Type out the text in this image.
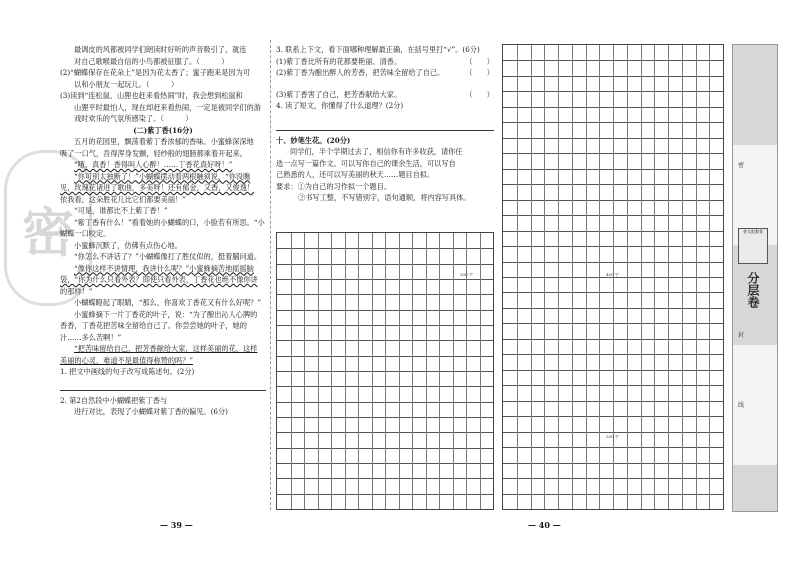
密

最调皮的风都被同学们朗读时好听的声音吸引了，就连

对自己歌喉最自信的小鸟都被征服了。（　　　）

(2)“蝴蝶保存在花朵上”是因为花太香了；蜜子跑来是因为可

以和小朋友一起玩儿。（　　　）

(3)读到“连松鼠、山狸也赶来看热闹”时，我会想到松鼠和

山狸平时最怕人，现在却赶来看热闹，一定是被同学们的游

戏时欢乐的气氛所感染了。（　　　）

(二)紫丁香(16分)

五月的花园里，飘荡着紫丁香浓郁的香味。小蜜蜂深深地

吸了一口气，吾得浑身发颤，轻纱般的翅膀都乘着开起来。

“哦，真香！香得叫人心醉！……丁香花真好呀！”

“你可别太独断了！”小蝴蝶摆动着两根触须说，“你没瞧

见，玫瑰花诸进了歌曲，多美呀！还有郁金，又香，又俊逸！

依我看，这朵胜花儿比它们都要美丽！”

“可是，谁都比不上紫丁香！”

“紫丁香有什么！”看着她的小蝴蝶的口，小脸若有所思。“小

蝴蝶一口咬定。

小蜜蜂沉默了，仿佛有点伤心地。

“你怎么不讲话了？”小蝴蝶像打了胜仗似的，挺着脯问道。

“像你这样不讲情理，我讲什么呢？”小蜜蜂摘苦地摇摇脑

袋，“你为什么只看外表？即使只看外表，丁香花也绝不像你讲

的那样！”

小蝴蝶瞪起了眼睛，“那么，你喜欢丁香花又有什么好呢？”

小蜜蜂摘下一片丁香花的叶子，说：“为了酿出沁人心脾的

香香，丁香花把苦味全留给自己了。你尝尝她的叶子，她的

汁……多么苦啊！”

“把苦味留给自己，把芳香献给大家，这样美丽的花，这样

美丽的心灵，难道不是最值得称赞的吗？”

1. 把文中画线的句子改写成陈述句。(2分)

2. 第2自然段中小蝴蝶把紫丁香与

进行对比，表现了小蝴蝶对紫丁香的偏见。(6分)

— 39 —

3. 联系上下文，看下面哪种理解最正确，在括号里打“√”。(6分)

(1)紫丁香比所有的花都要艳丽、清香。	（　　）

(2)紫丁香为酿出醉人的芳香，把苦味全留给了自己。	（　　）

(3)紫丁香害了自己，把芳香献给大家。	（　　）

4. 读了短文，你懂得了什么道理？(2分)

十、妙笔生花。(20分)

同学们，半个学期过去了，相信你有许多收获，请你任

选一点写一篇作文。可以写你自己的课余生活，可以写自

己熟悉的人，还可以写美丽的秋天……题目自拟。

要求：①为自己的习作拟一个题目。

②书写工整，不写错别字，语句通顺，将内容写具体。

300 字
— 40 —
400 字
500 字
密
封
线
金太阳教育
分层卷
